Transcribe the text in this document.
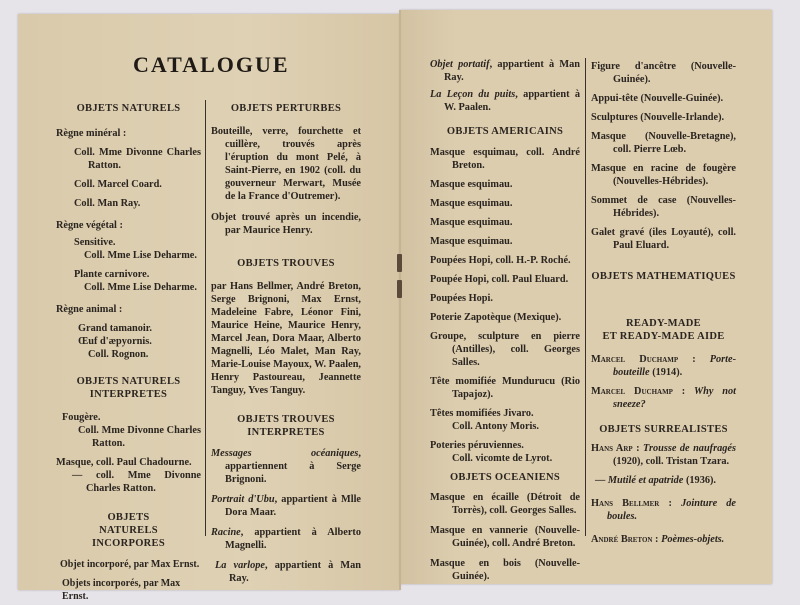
CATALOGUE

OBJETS NATURELS

Règne minéral :

Coll. Mme Divonne Charles Ratton.

Coll. Marcel Coard.

Coll. Man Ray.

Règne végétal :

Sensitive.

Coll. Mme Lise Deharme.

Plante carnivore.

Coll. Mme Lise Deharme.

Règne animal :

Grand tamanoir.

Œuf d'æpyornis.

Coll. Rognon.

OBJETS NATURELS INTERPRETES

Fougère.

Coll. Mme Divonne Charles Ratton.

Masque, coll. Paul Chadourne.

— coll. Mme Divonne Charles Ratton.

OBJETS NATURELS INCORPORES

Objet incorporé, par Max Ernst.

Objets incorporés, par Max Ernst.

OBJETS PERTURBES

Bouteille, verre, fourchette et cuillère, trouvés après l'éruption du mont Pelé, à Saint-Pierre, en 1902 (coll. du gouverneur Merwart, Musée de la France d'Outremer).

Objet trouvé après un incendie, par Maurice Henry.

OBJETS TROUVES

par Hans Bellmer, André Breton, Serge Brignoni, Max Ernst, Madeleine Fabre, Léonor Fini, Maurice Heine, Maurice Henry, Marcel Jean, Dora Maar, Alberto Magnelli, Léo Malet, Man Ray, Marie-Louise Mayoux, W. Paalen, Henry Pastoureau, Jeannette Tanguy, Yves Tanguy.

OBJETS TROUVES INTERPRETES

Messages océaniques, appartiennent à Serge Brignoni.

Portrait d'Ubu, appartient à Mlle Dora Maar.

Racine, appartient à Alberto Magnelli.

La varlope, appartient à Man Ray.

Objet portatif, appartient à Man Ray.

La Leçon du puits, appartient à W. Paalen.

OBJETS AMERICAINS

Masque esquimau, coll. André Breton.

Masque esquimau.

Masque esquimau.

Masque esquimau.

Masque esquimau.

Poupées Hopi, coll. H.-P. Roché.

Poupée Hopi, coll. Paul Eluard.

Poupées Hopi.

Poterie Zapotèque (Mexique).

Groupe, sculpture en pierre (Antilles), coll. Georges Salles.

Tête momifiée Mundurucu (Rio Tapajoz).

Têtes momifiées Jivaro.

Coll. Antony Moris.

Poteries péruviennes.

Coll. vicomte de Lyrot.

OBJETS OCEANIENS

Masque en écaille (Détroit de Torrès), coll. Georges Salles.

Masque en vannerie (Nouvelle-Guinée), coll. André Breton.

Masque en bois (Nouvelle-Guinée).

Figure d'ancêtre (Nouvelle-Guinée).

Appui-tête (Nouvelle-Guinée).

Sculptures (Nouvelle-Irlande).

Masque (Nouvelle-Bretagne), coll. Pierre Lœb.

Masque en racine de fougère (Nouvelles-Hébrides).

Sommet de case (Nouvelles-Hébrides).

Galet gravé (iles Loyauté), coll. Paul Eluard.

OBJETS MATHEMATIQUES

READY-MADE

ET READY-MADE AIDE

Marcel Duchamp : Porte-bouteille (1914).

Marcel Duchamp : Why not sneeze?

OBJETS SURREALISTES

Hans Arp : Trousse de naufragés (1920), coll. Tristan Tzara.

— Mutilé et apatride (1936).

Hans Bellmer : Jointure de boules.

André Breton : Poèmes-objets.
